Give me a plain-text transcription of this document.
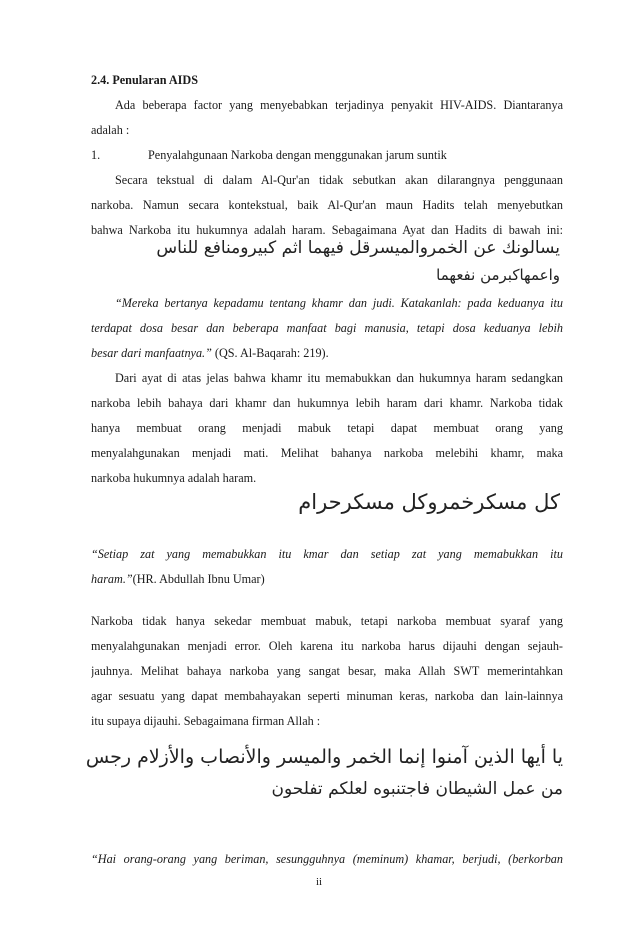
2.4. Penularan AIDS
Ada beberapa factor yang menyebabkan terjadinya penyakit HIV-AIDS. Diantaranya
adalah :
1.	Penyalahgunaan Narkoba dengan menggunakan jarum suntik
Secara tekstual di dalam Al-Qur'an tidak sebutkan akan dilarangnya penggunaan
narkoba. Namun secara kontekstual, baik Al-Qur'an maun Hadits telah menyebutkan
bahwa Narkoba itu hukumnya adalah haram. Sebagaimana Ayat dan Hadits di bawah ini:
يسالونك عن الخمروالميسرقل فيهما اثم كبيرومنافع للناس
واعمهاكبرمن نفعهما
“Mereka bertanya kepadamu tentang khamr dan judi. Katakanlah: pada keduanya itu
terdapat dosa besar dan beberapa manfaat bagi manusia, tetapi dosa keduanya lebih
besar dari manfaatnya.” (QS. Al-Baqarah: 219).
Dari ayat di atas jelas bahwa khamr itu memabukkan dan hukumnya haram sedangkan
narkoba lebih bahaya dari khamr dan hukumnya lebih haram dari khamr. Narkoba tidak
hanya membuat orang menjadi mabuk tetapi dapat membuat orang yang
menyalahgunakan menjadi mati. Melihat bahanya narkoba melebihi khamr, maka
narkoba hukumnya adalah haram.
كل مسكرخمروكل مسكرحرام
“Setiap zat yang memabukkan itu kmar dan setiap zat yang memabukkan itu
haram.”(HR. Abdullah Ibnu Umar)
Narkoba tidak hanya sekedar membuat mabuk, tetapi narkoba membuat syaraf yang
menyalahgunakan menjadi error. Oleh karena itu narkoba harus dijauhi dengan sejauh-
jauhnya. Melihat bahaya narkoba yang sangat besar, maka Allah SWT memerintahkan
agar sesuatu yang dapat membahayakan seperti minuman keras, narkoba dan lain-lainnya
itu supaya dijauhi. Sebagaimana firman Allah :
يا أيها الذين آمنوا إنما الخمر والميسر والأنصاب والأزلام رجس
من عمل الشيطان فاجتنبوه لعلكم تفلحون
“Hai orang-orang yang beriman, sesungguhnya (meminum) khamar, berjudi, (berkorban
ii
